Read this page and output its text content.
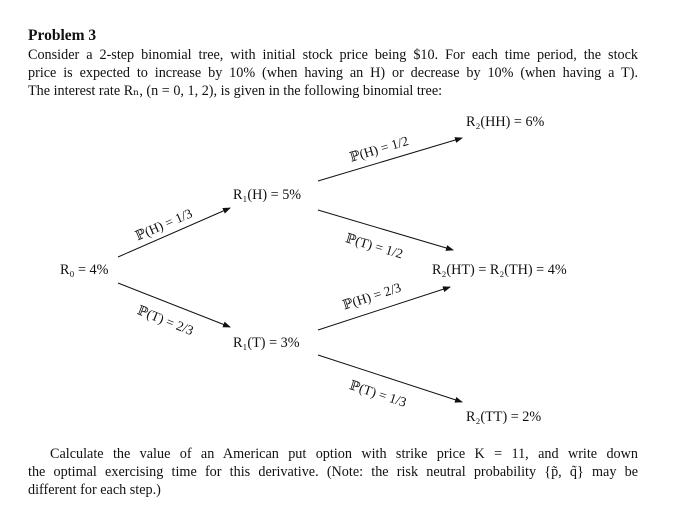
Problem 3

Consider a 2-step binomial tree, with initial stock price being $10. For each time period, the stock
price is expected to increase by 10% (when having an H) or decrease by 10% (when having a T).
The interest rate Rₙ, (n = 0, 1, 2), is given in the following binomial tree:

R₀ = 4%
R₁(H) = 5%
R₁(T) = 3%
R₂(HH) = 6%
R₂(HT) = R₂(TH) = 4%
R₂(TT) = 2%
ℙ(H) = 1/3
ℙ(T) = 2/3
ℙ(H) = 1/2
ℙ(T) = 1/2
ℙ(H) = 2/3
ℙ(T) = 1/3

Calculate the value of an American put option with strike price K = 11, and write down
the optimal exercising time for this derivative. (Note: the risk neutral probability {p̃, q̃} may be
different for each step.)
